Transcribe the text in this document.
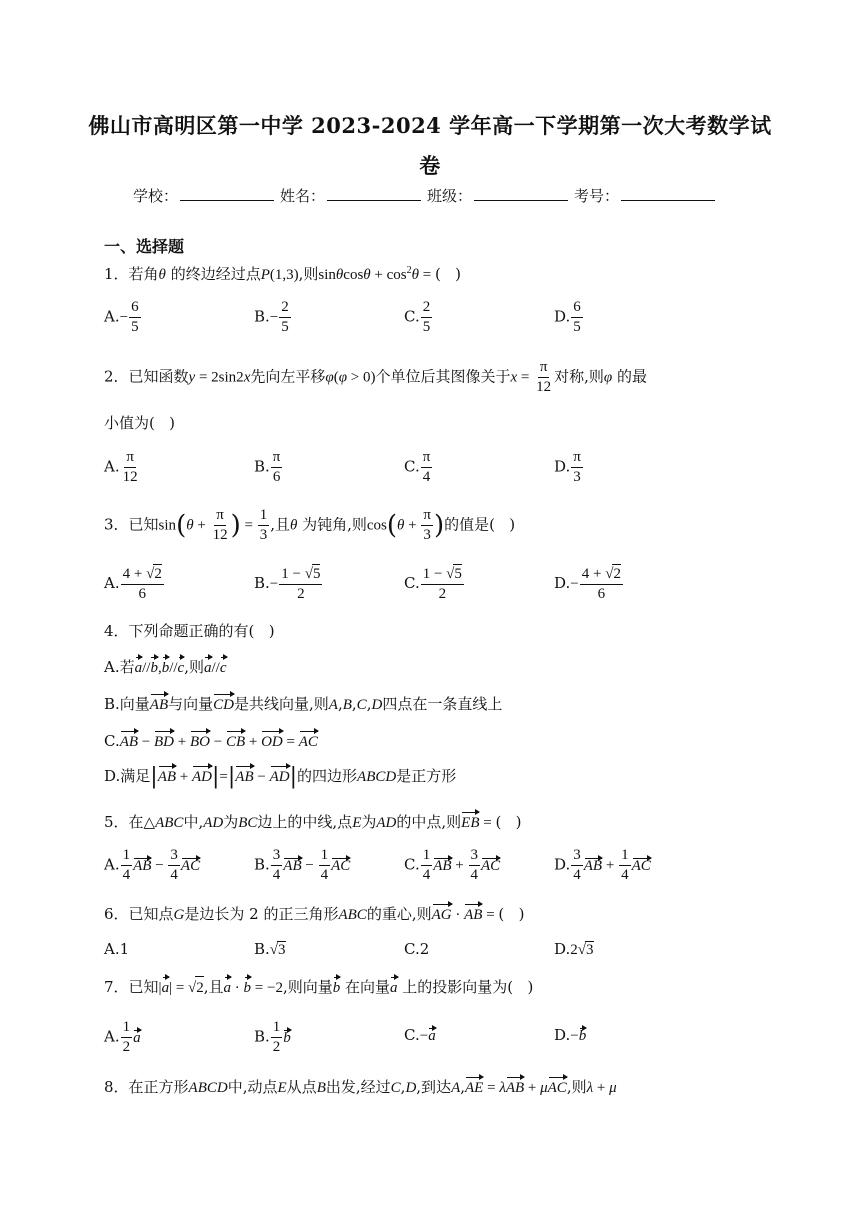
佛山市高明区第一中学 2023-2024 学年高一下学期第一次大考数学试
卷
学校：	姓名：	班级：	考号：
一、选择题
1．若角θ 的终边经过点P(1,3),则$\sin\theta\cos\theta + \cos^2\theta$ = (   )
$A.- \frac{6}{5}$	$B.- \frac{2}{5}$	C. $\frac{2}{5}$	D. $\frac{6}{5}$
2．已知函数y = 2sin2x先向左平移φ(φ > 0)个单位后其图像关于$x = \frac{\pi}{12}$ 对称,则φ 的最
小值为(   )
A. $\frac{\pi}{12}$	B. $\frac{\pi}{6}$	C. $\frac{\pi}{4}$	D. $\frac{\pi}{3}$
3．已知$\sin(\theta + \frac{\pi}{12}$ ) = $\frac{1}{3}$ ,且θ 为钝角,则$\cos(\theta + \frac{\pi}{3}$ )的值是(   )
A. $\frac{4 + √2}{6}$	$B.- \frac{1 - √5}{2}$	C. $\frac{1 - √5}{2}$	$D.- \frac{4 + √2}{6}$
4．下列命题正确的有(   )
A.若a//b,b//c,则a//c
B.向量AB与向量CD是共线向量,则A,B,C,D四点在一条直线上
C.AB − BD + BO − CB + OD = AC
D.满足|AB + AD|=|AB − AD|的四边形ABCD是正方形
5．在△ABC中,AD为BC边上的中线,点E为AD的中点,则EB = (   )
A. $\frac{1}{4}$ AB − $\frac{3}{4}$ AC	B. $\frac{3}{4}$ AB − $\frac{1}{4}$ AC	C. $\frac{1}{4}$ AB + $\frac{3}{4}$ AC	D. $\frac{3}{4}$ AB + $\frac{1}{4}$ AC
6．已知点G是边长为 2 的正三角形ABC的重心,则AG · AB = (   )
A.1	B.√3	C.2	D.2√3
7．已知|a| = √2,且a · b = −2,则向量b 在向量a 上的投影向量为(   )
A. $\frac{1}{2}$ a	B. $\frac{1}{2}$ b	C.−a	D.−b
8．在正方形ABCD中,动点E从点B出发,经过C,D,到达A,AE = λAB + μAC,则λ + μ
